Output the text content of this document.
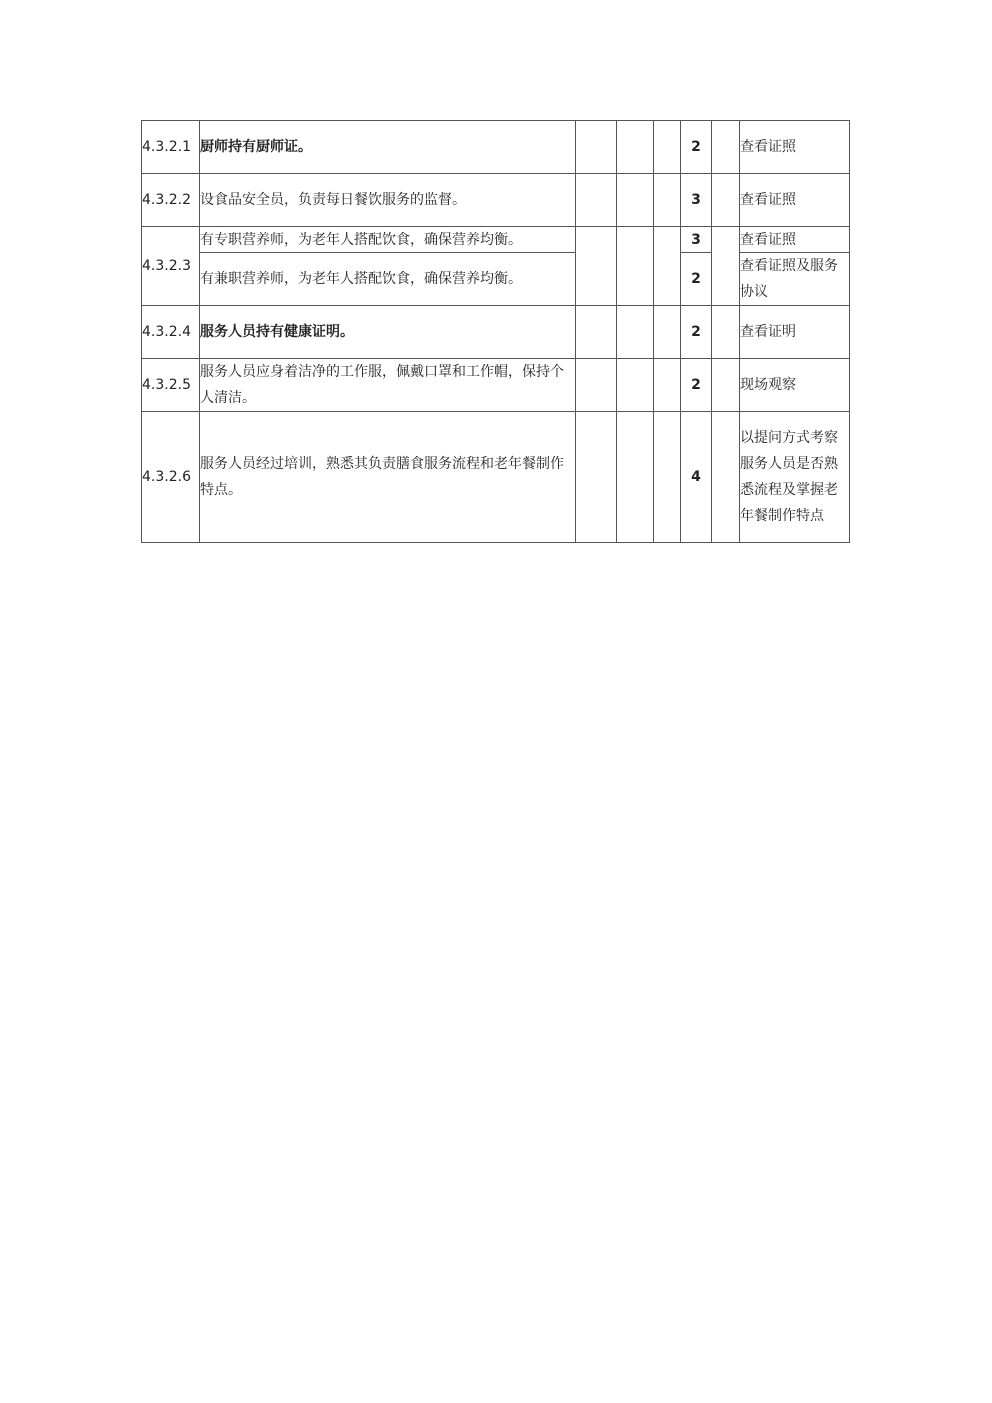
4.3.2.1	厨师持有厨师证。				2		查看证照
4.3.2.2	设食品安全员，负责每日餐饮服务的监督。				3		查看证照
4.3.2.3	有专职营养师，为老年人搭配饮食，确保营养均衡。				3		查看证照
	有兼职营养师，为老年人搭配饮食，确保营养均衡。				2		查看证照及服务协议
4.3.2.4	服务人员持有健康证明。				2		查看证明
4.3.2.5	服务人员应身着洁净的工作服，佩戴口罩和工作帽，保持个人清洁。				2		现场观察
4.3.2.6	服务人员经过培训，熟悉其负责膳食服务流程和老年餐制作特点。				4		以提问方式考察服务人员是否熟悉流程及掌握老年餐制作特点
